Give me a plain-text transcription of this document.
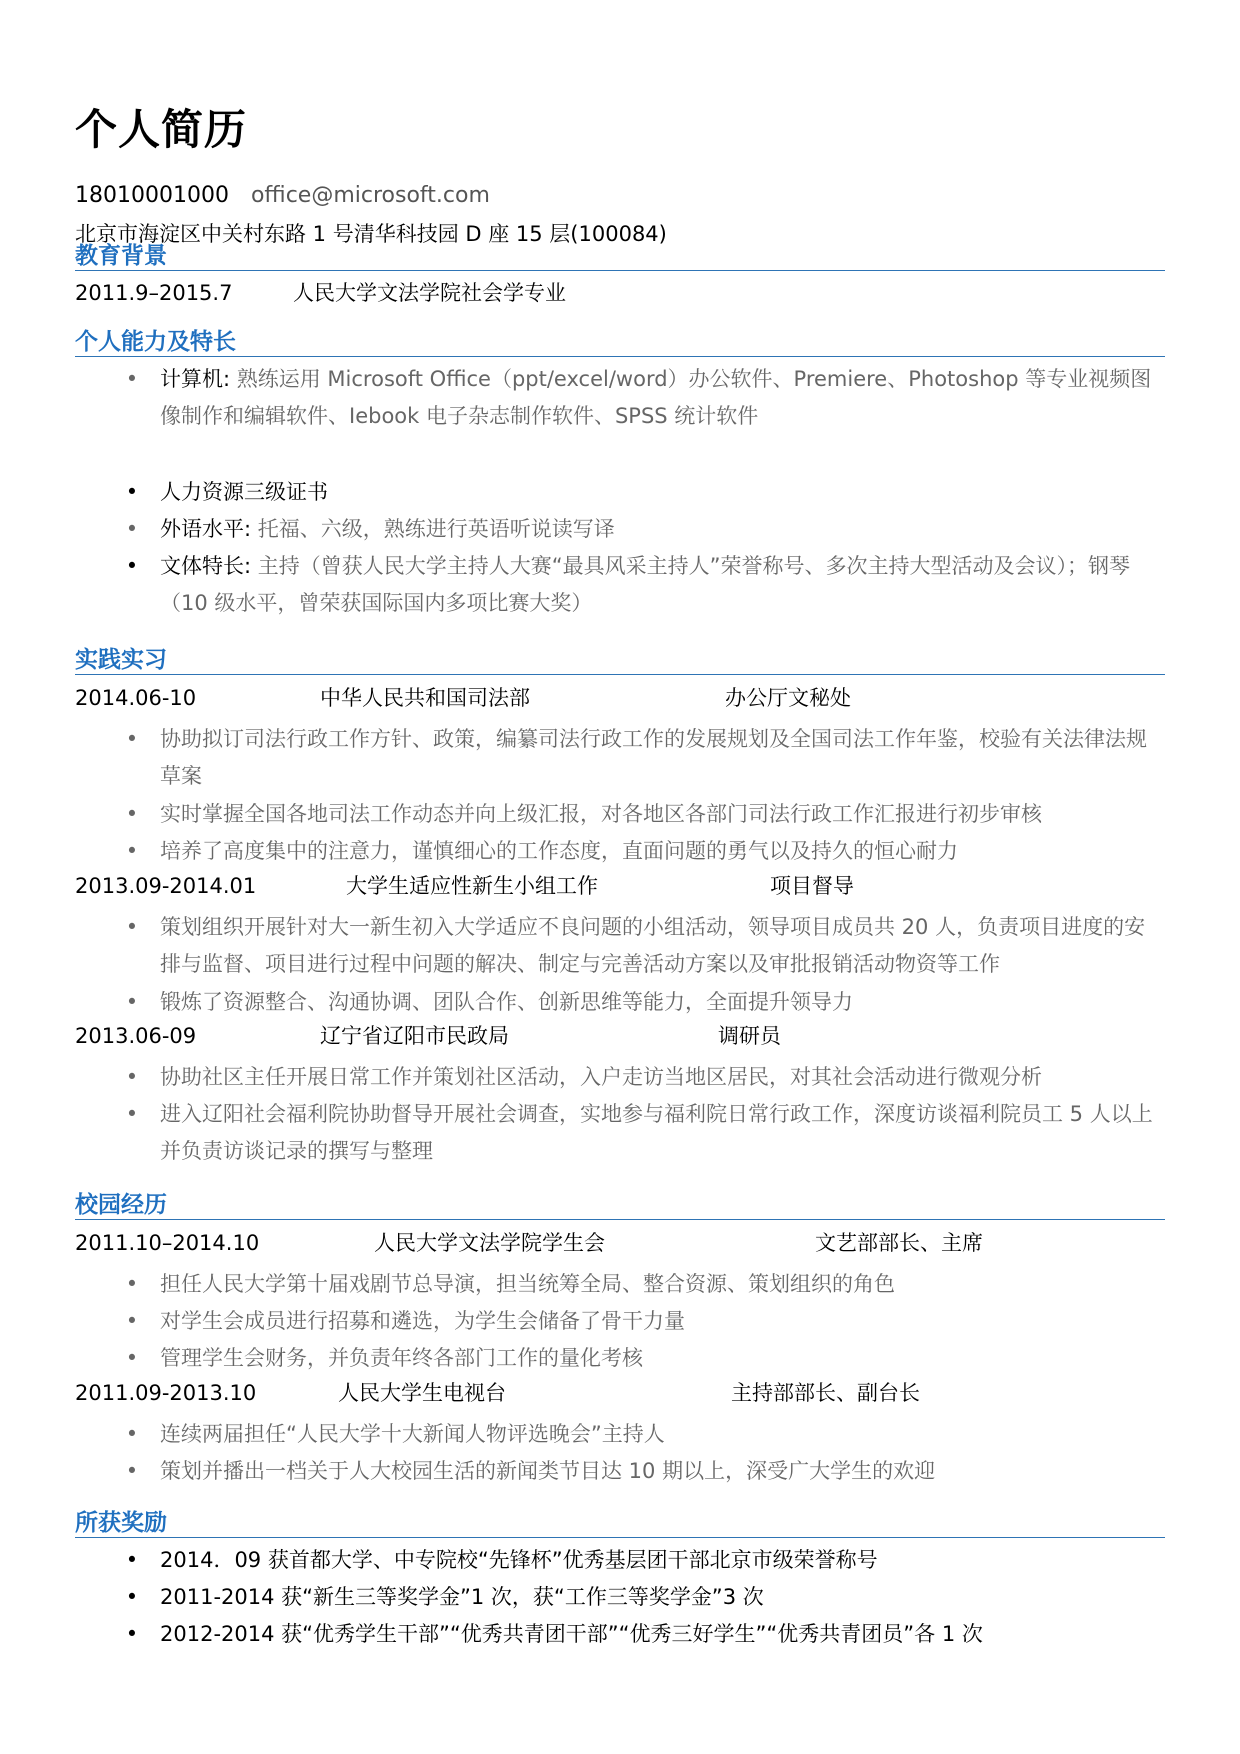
个人简历
18010001000 office@microsoft.com
北京市海淀区中关村东路 1 号清华科技园 D 座 15 层(100084)
教育背景
2011.9–2015.7	人民大学文法学院社会学专业
个人能力及特长
• 计算机: 熟练运用 Microsoft Office（ppt/excel/word）办公软件、Premiere、Photoshop 等专业视频图像制作和编辑软件、Iebook 电子杂志制作软件、SPSS 统计软件
• 人力资源三级证书
• 外语水平: 托福、六级，熟练进行英语听说读写译
• 文体特长: 主持（曾获人民大学主持人大赛“最具风采主持人”荣誉称号、多次主持大型活动及会议）；钢琴（10 级水平，曾荣获国际国内多项比赛大奖）
实践实习
2014.06-10	中华人民共和国司法部	办公厅文秘处
• 协助拟订司法行政工作方针、政策，编纂司法行政工作的发展规划及全国司法工作年鉴，校验有关法律法规草案
• 实时掌握全国各地司法工作动态并向上级汇报，对各地区各部门司法行政工作汇报进行初步审核
• 培养了高度集中的注意力，谨慎细心的工作态度，直面问题的勇气以及持久的恒心耐力
2013.09-2014.01	大学生适应性新生小组工作	项目督导
• 策划组织开展针对大一新生初入大学适应不良问题的小组活动，领导项目成员共 20 人，负责项目进度的安排与监督、项目进行过程中问题的解决、制定与完善活动方案以及审批报销活动物资等工作
• 锻炼了资源整合、沟通协调、团队合作、创新思维等能力，全面提升领导力
2013.06-09	辽宁省辽阳市民政局	调研员
• 协助社区主任开展日常工作并策划社区活动，入户走访当地区居民，对其社会活动进行微观分析
• 进入辽阳社会福利院协助督导开展社会调查，实地参与福利院日常行政工作，深度访谈福利院员工 5 人以上并负责访谈记录的撰写与整理
校园经历
2011.10–2014.10	人民大学文法学院学生会	文艺部部长、主席
• 担任人民大学第十届戏剧节总导演，担当统筹全局、整合资源、策划组织的角色
• 对学生会成员进行招募和遴选，为学生会储备了骨干力量
• 管理学生会财务，并负责年终各部门工作的量化考核
2011.09-2013.10	人民大学生电视台	主持部部长、副台长
• 连续两届担任“人民大学十大新闻人物评选晚会”主持人
• 策划并播出一档关于人大校园生活的新闻类节目达 10 期以上，深受广大学生的欢迎
所获奖励
• 2014．09 获首都大学、中专院校“先锋杯”优秀基层团干部北京市级荣誉称号
• 2011-2014 获“新生三等奖学金”1 次，获“工作三等奖学金”3 次
• 2012-2014 获“优秀学生干部”“优秀共青团干部”“优秀三好学生”“优秀共青团员”各 1 次
